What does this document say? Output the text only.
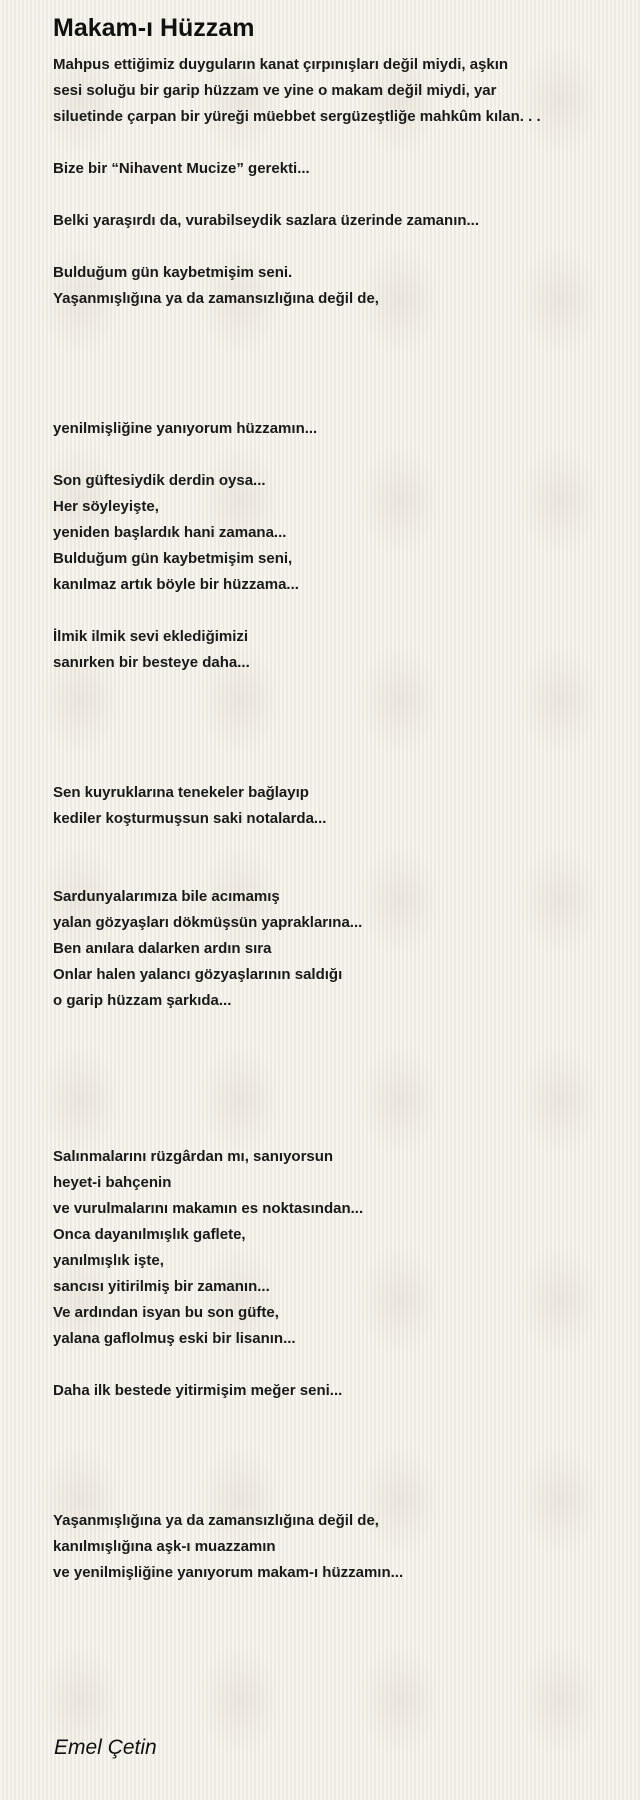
Makam-ı Hüzzam
Mahpus ettiğimiz duyguların kanat çırpınışları değil miydi, aşkın
sesi soluğu bir garip hüzzam ve yine o makam değil miydi, yar
siluetinde çarpan bir yüreği müebbet sergüzeştliğe mahkûm kılan. . .
Bize bir “Nihavent Mucize” gerekti...
Belki yaraşırdı da, vurabilseydik sazlara üzerinde zamanın...
Bulduğum gün kaybetmişim seni.
Yaşanmışlığına ya da zamansızlığına değil de,
yenilmişliğine yanıyorum hüzzamın...
Son güftesiydik derdin oysa...
Her söyleyişte,
yeniden başlardık hani zamana...
Bulduğum gün kaybetmişim seni,
kanılmaz artık böyle bir hüzzama...
İlmik ilmik sevi eklediğimizi
sanırken bir besteye daha...
Sen kuyruklarına tenekeler bağlayıp
kediler koşturmuşsun saki notalarda...
Sardunyalarımıza bile acımamış
yalan gözyaşları dökmüşsün yapraklarına...
Ben anılara dalarken ardın sıra
Onlar halen yalancı gözyaşlarının saldığı
o garip hüzzam şarkıda...
Salınmalarını rüzgârdan mı, sanıyorsun
heyet-i bahçenin
ve vurulmalarını makamın es noktasından...
Onca dayanılmışlık gaflete,
yanılmışlık işte,
sancısı yitirilmiş bir zamanın...
Ve ardından isyan bu son güfte,
yalana gaflolmuş eski bir lisanın...
Daha ilk bestede yitirmişim meğer seni...
Yaşanmışlığına ya da zamansızlığına değil de,
kanılmışlığına aşk-ı muazzamın
ve yenilmişliğine yanıyorum makam-ı hüzzamın...
Emel Çetin
